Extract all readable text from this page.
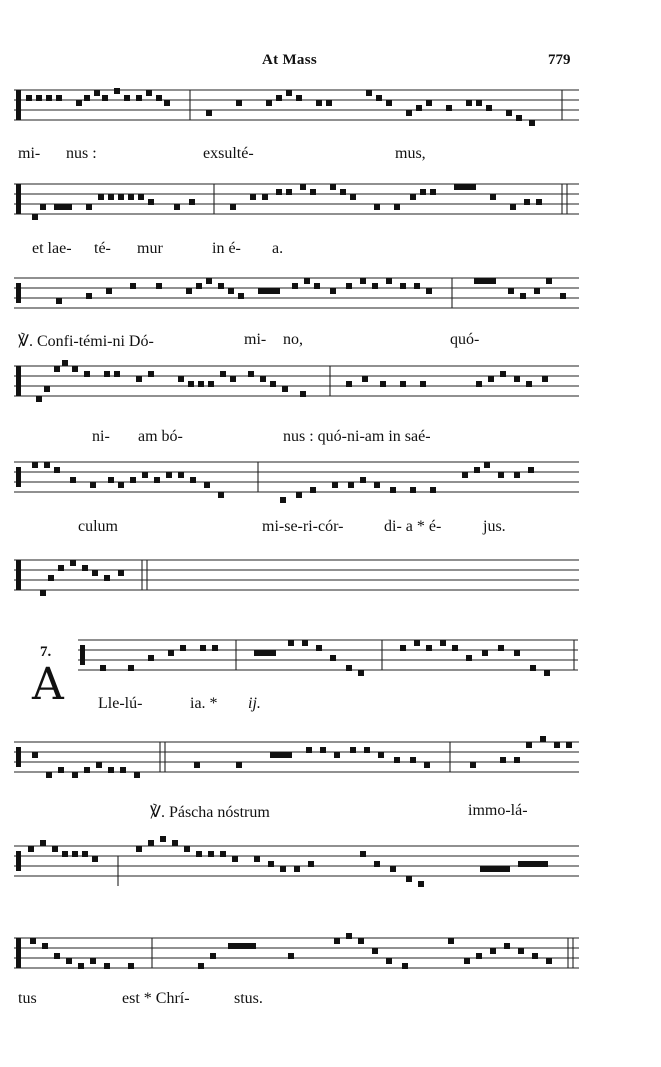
At Mass	779
mi- nus :	exsulté-	mus,
et lae- té- mur	in é- a.
℣. Confi-témi-ni Dó-	mi- no,	quó-
ni- am bó-	nus : quó-ni-am in saé-
culum	mi-se-ri-cór-	di- a * é-	jus.
7.
A Lle-lú-	ia. * ij.
℣. Páscha nóstrum	immo-lá-
tus	est * Chrí-	stus.
